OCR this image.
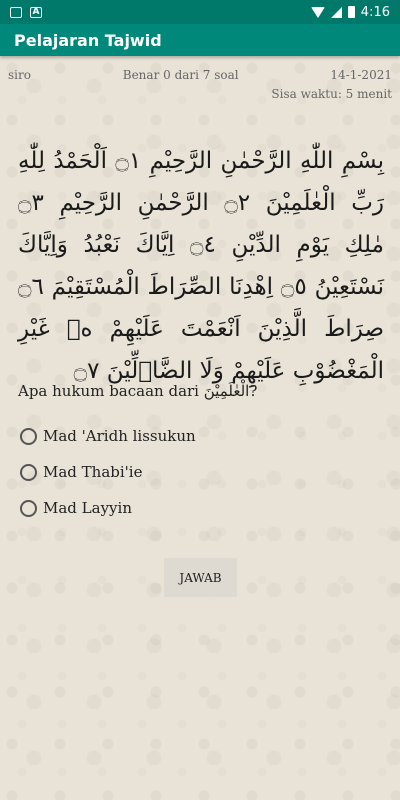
A	4:16
Pelajaran Tajwid
siro	Benar 0 dari 7 soal	14-1-2021
Sisa waktu: 5 menit
بِسْمِ اللّٰهِ الرَّحْمٰنِ الرَّحِيْمِ ۝١ اَلْحَمْدُ لِلّٰهِ رَبِّ الْعٰلَمِيْنَ ۝٢ الرَّحْمٰنِ الرَّحِيْمِ ۝٣ مٰلِكِ يَوْمِ الدِّيْنِ ۝٤ اِيَّاكَ نَعْبُدُ وَاِيَّاكَ نَسْتَعِيْنُ ۝٥ اِهْدِنَا الصِّرَاطَ الْمُسْتَقِيْمَ ۝٦ صِرَاطَ الَّذِيْنَ اَنْعَمْتَ عَلَيْهِمْ ەۙ غَيْرِ الْمَغْضُوْبِ عَلَيْهِمْ وَلَا الضَّاۤلِّيْنَ ۝٧
Apa hukum bacaan dari الْعٰلَمِيْنَ?
Mad 'Aridh lissukun
Mad Thabi'ie
Mad Layyin
JAWAB
